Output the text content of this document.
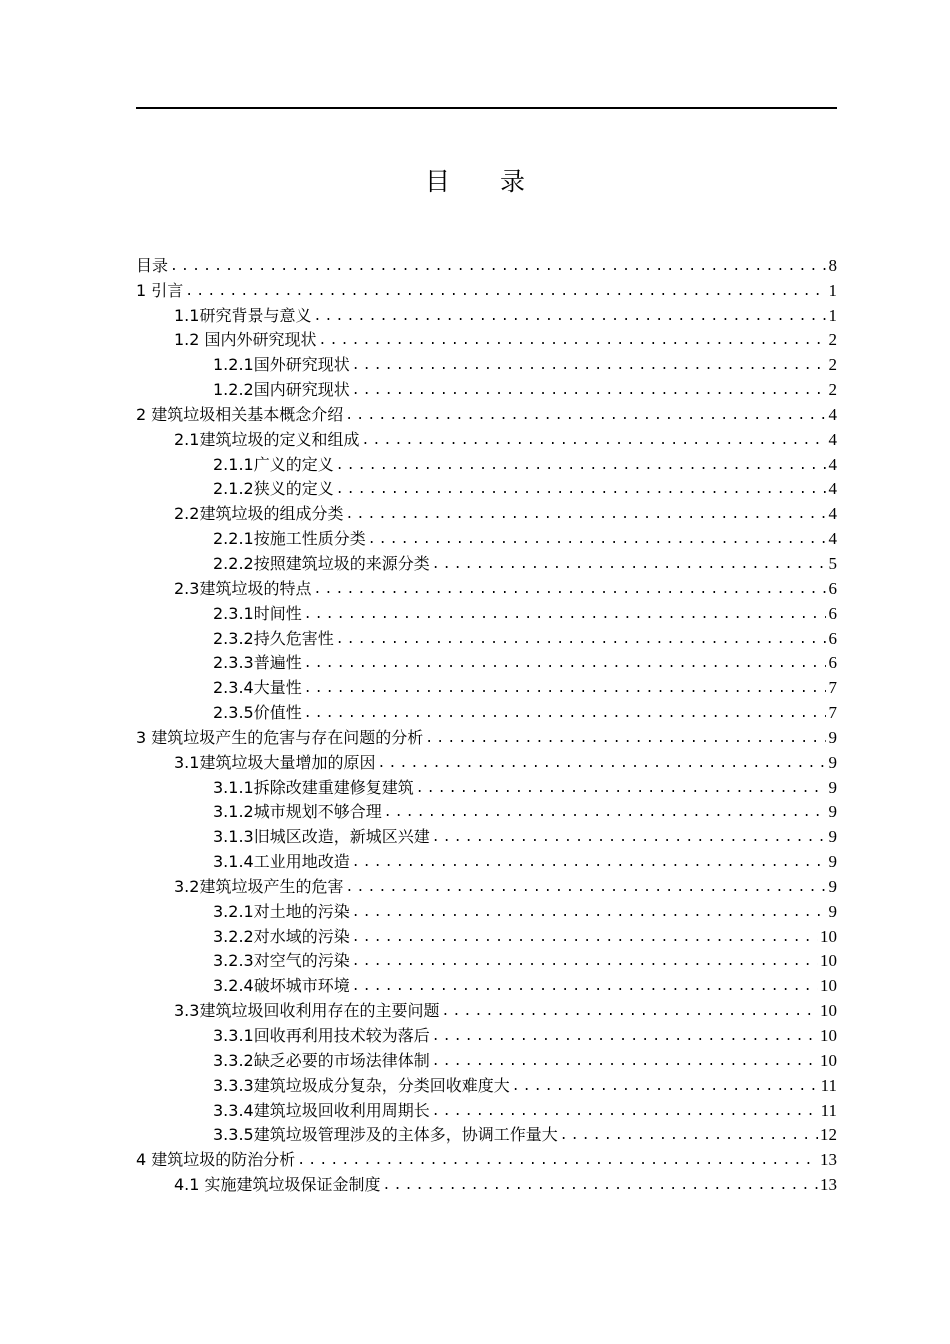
目 录
目录 .....	8
1 引言 .....	1
1.1研究背景与意义 .....	1
1.2 国内外研究现状 .....	2
1.2.1国外研究现状 .....	2
1.2.2国内研究现状 .....	2
2 建筑垃圾相关基本概念介绍 .....	4
2.1建筑垃圾的定义和组成 .....	4
2.1.1广义的定义 .....	4
2.1.2狭义的定义 .....	4
2.2建筑垃圾的组成分类 .....	4
2.2.1按施工性质分类 .....	4
2.2.2按照建筑垃圾的来源分类 .....	5
2.3建筑垃圾的特点 .....	6
2.3.1时间性 .....	6
2.3.2持久危害性 .....	6
2.3.3普遍性 .....	6
2.3.4大量性 .....	7
2.3.5价值性 .....	7
3 建筑垃圾产生的危害与存在问题的分析 .....	9
3.1建筑垃圾大量增加的原因 .....	9
3.1.1拆除改建重建修复建筑 .....	9
3.1.2城市规划不够合理 .....	9
3.1.3旧城区改造，新城区兴建 .....	9
3.1.4工业用地改造 .....	9
3.2建筑垃圾产生的危害 .....	9
3.2.1对土地的污染 .....	9
3.2.2对水域的污染 .....	10
3.2.3对空气的污染 .....	10
3.2.4破坏城市环境 .....	10
3.3建筑垃圾回收利用存在的主要问题 .....	10
3.3.1回收再利用技术较为落后 .....	10
3.3.2缺乏必要的市场法律体制 .....	10
3.3.3建筑垃圾成分复杂，分类回收难度大 .....	11
3.3.4建筑垃圾回收利用周期长 .....	11
3.3.5建筑垃圾管理涉及的主体多，协调工作量大 .....	12
4 建筑垃圾的防治分析 .....	13
4.1 实施建筑垃圾保证金制度 .....	13
